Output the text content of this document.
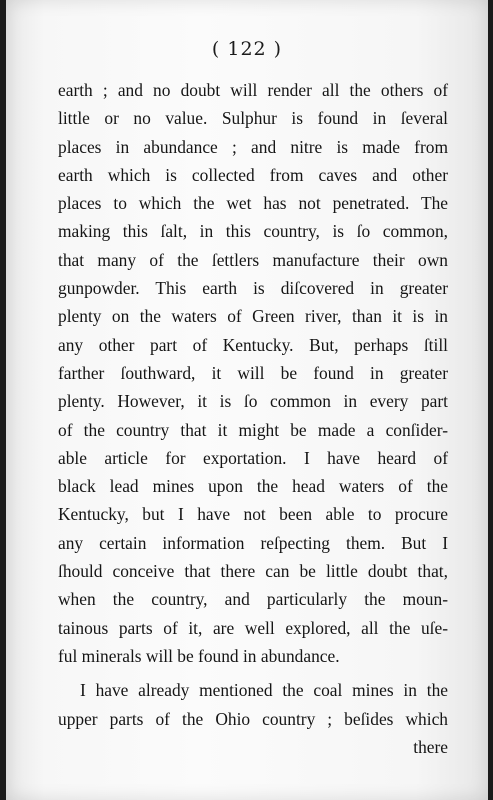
( 122 )
earth ; and no doubt will render all the others of
little or no value. Sulphur is found in ſeveral
places in abundance ; and nitre is made from
earth which is collected from caves and other
places to which the wet has not penetrated. The
making this ſalt, in this country, is ſo common,
that many of the ſettlers manufacture their own
gunpowder. This earth is diſcovered in greater
plenty on the waters of Green river, than it is in
any other part of Kentucky. But, perhaps ſtill
farther ſouthward, it will be found in greater
plenty. However, it is ſo common in every part
of the country that it might be made a conſider-
able article for exportation. I have heard of
black lead mines upon the head waters of the
Kentucky, but I have not been able to procure
any certain information reſpecting them. But I
ſhould conceive that there can be little doubt that,
when the country, and particularly the moun-
tainous parts of it, are well explored, all the uſe-
ful minerals will be found in abundance.
I have already mentioned the coal mines in the
upper parts of the Ohio country ; beſides which
there
